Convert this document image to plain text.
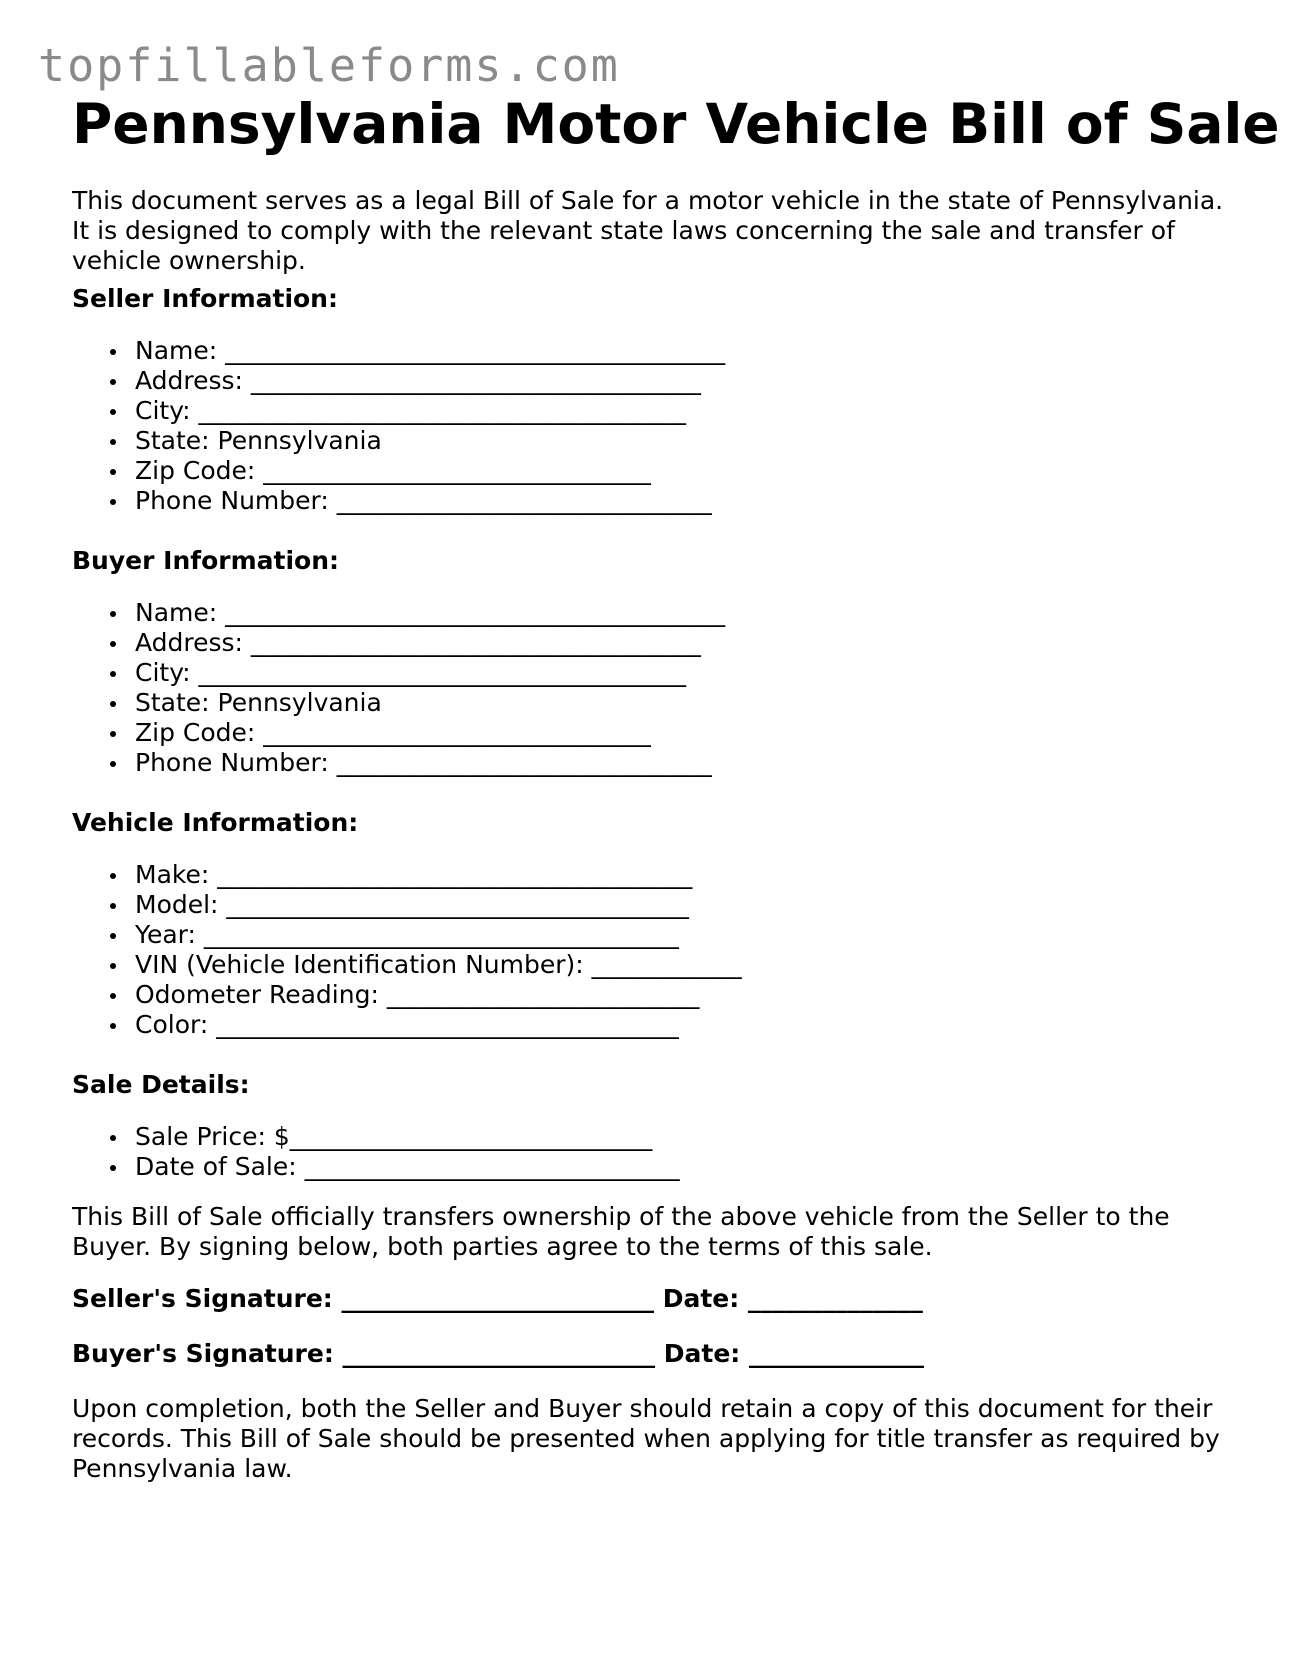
topfillableforms.com
Pennsylvania Motor Vehicle Bill of Sale

This document serves as a legal Bill of Sale for a motor vehicle in the state of Pennsylvania. It is designed to comply with the relevant state laws concerning the sale and transfer of vehicle ownership.

Seller Information:

Name: ________________________________________
Address: ____________________________________
City: _______________________________________
State: Pennsylvania
Zip Code: _______________________________
Phone Number: ______________________________

Buyer Information:

Name: ________________________________________
Address: ____________________________________
City: _______________________________________
State: Pennsylvania
Zip Code: _______________________________
Phone Number: ______________________________

Vehicle Information:

Make: ______________________________________
Model: _____________________________________
Year: ______________________________________
VIN (Vehicle Identification Number): ____________
Odometer Reading: _________________________
Color: _____________________________________

Sale Details:

Sale Price: $_____________________________
Date of Sale: ______________________________

This Bill of Sale officially transfers ownership of the above vehicle from the Seller to the Buyer. By signing below, both parties agree to the terms of this sale.

Seller's Signature: _________________________ Date: ______________

Buyer's Signature: _________________________ Date: ______________

Upon completion, both the Seller and Buyer should retain a copy of this document for their records. This Bill of Sale should be presented when applying for title transfer as required by Pennsylvania law.
